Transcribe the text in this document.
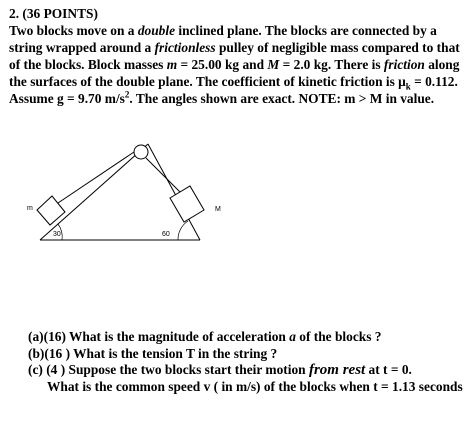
2. (36 POINTS)

Two blocks move on a double inclined plane. The blocks are connected by a string wrapped around a frictionless pulley of negligible mass compared to that of the blocks. Block masses m = 25.00 kg and M = 2.0 kg. There is friction along the surfaces of the double plane. The coefficient of kinetic friction is $\mu_k = 0.112$. Assume g = 9.70 $m/s^2$. The angles shown are exact. NOTE: m > M in value.

m	M
30	60

(a)(16) What is the magnitude of acceleration a of the blocks ?

(b)(16 ) What is the tension T in the string ?

(c) (4 ) Suppose the two blocks start their motion from rest at t = 0.

What is the common speed v ( in m/s) of the blocks when t = 1.13 seconds
